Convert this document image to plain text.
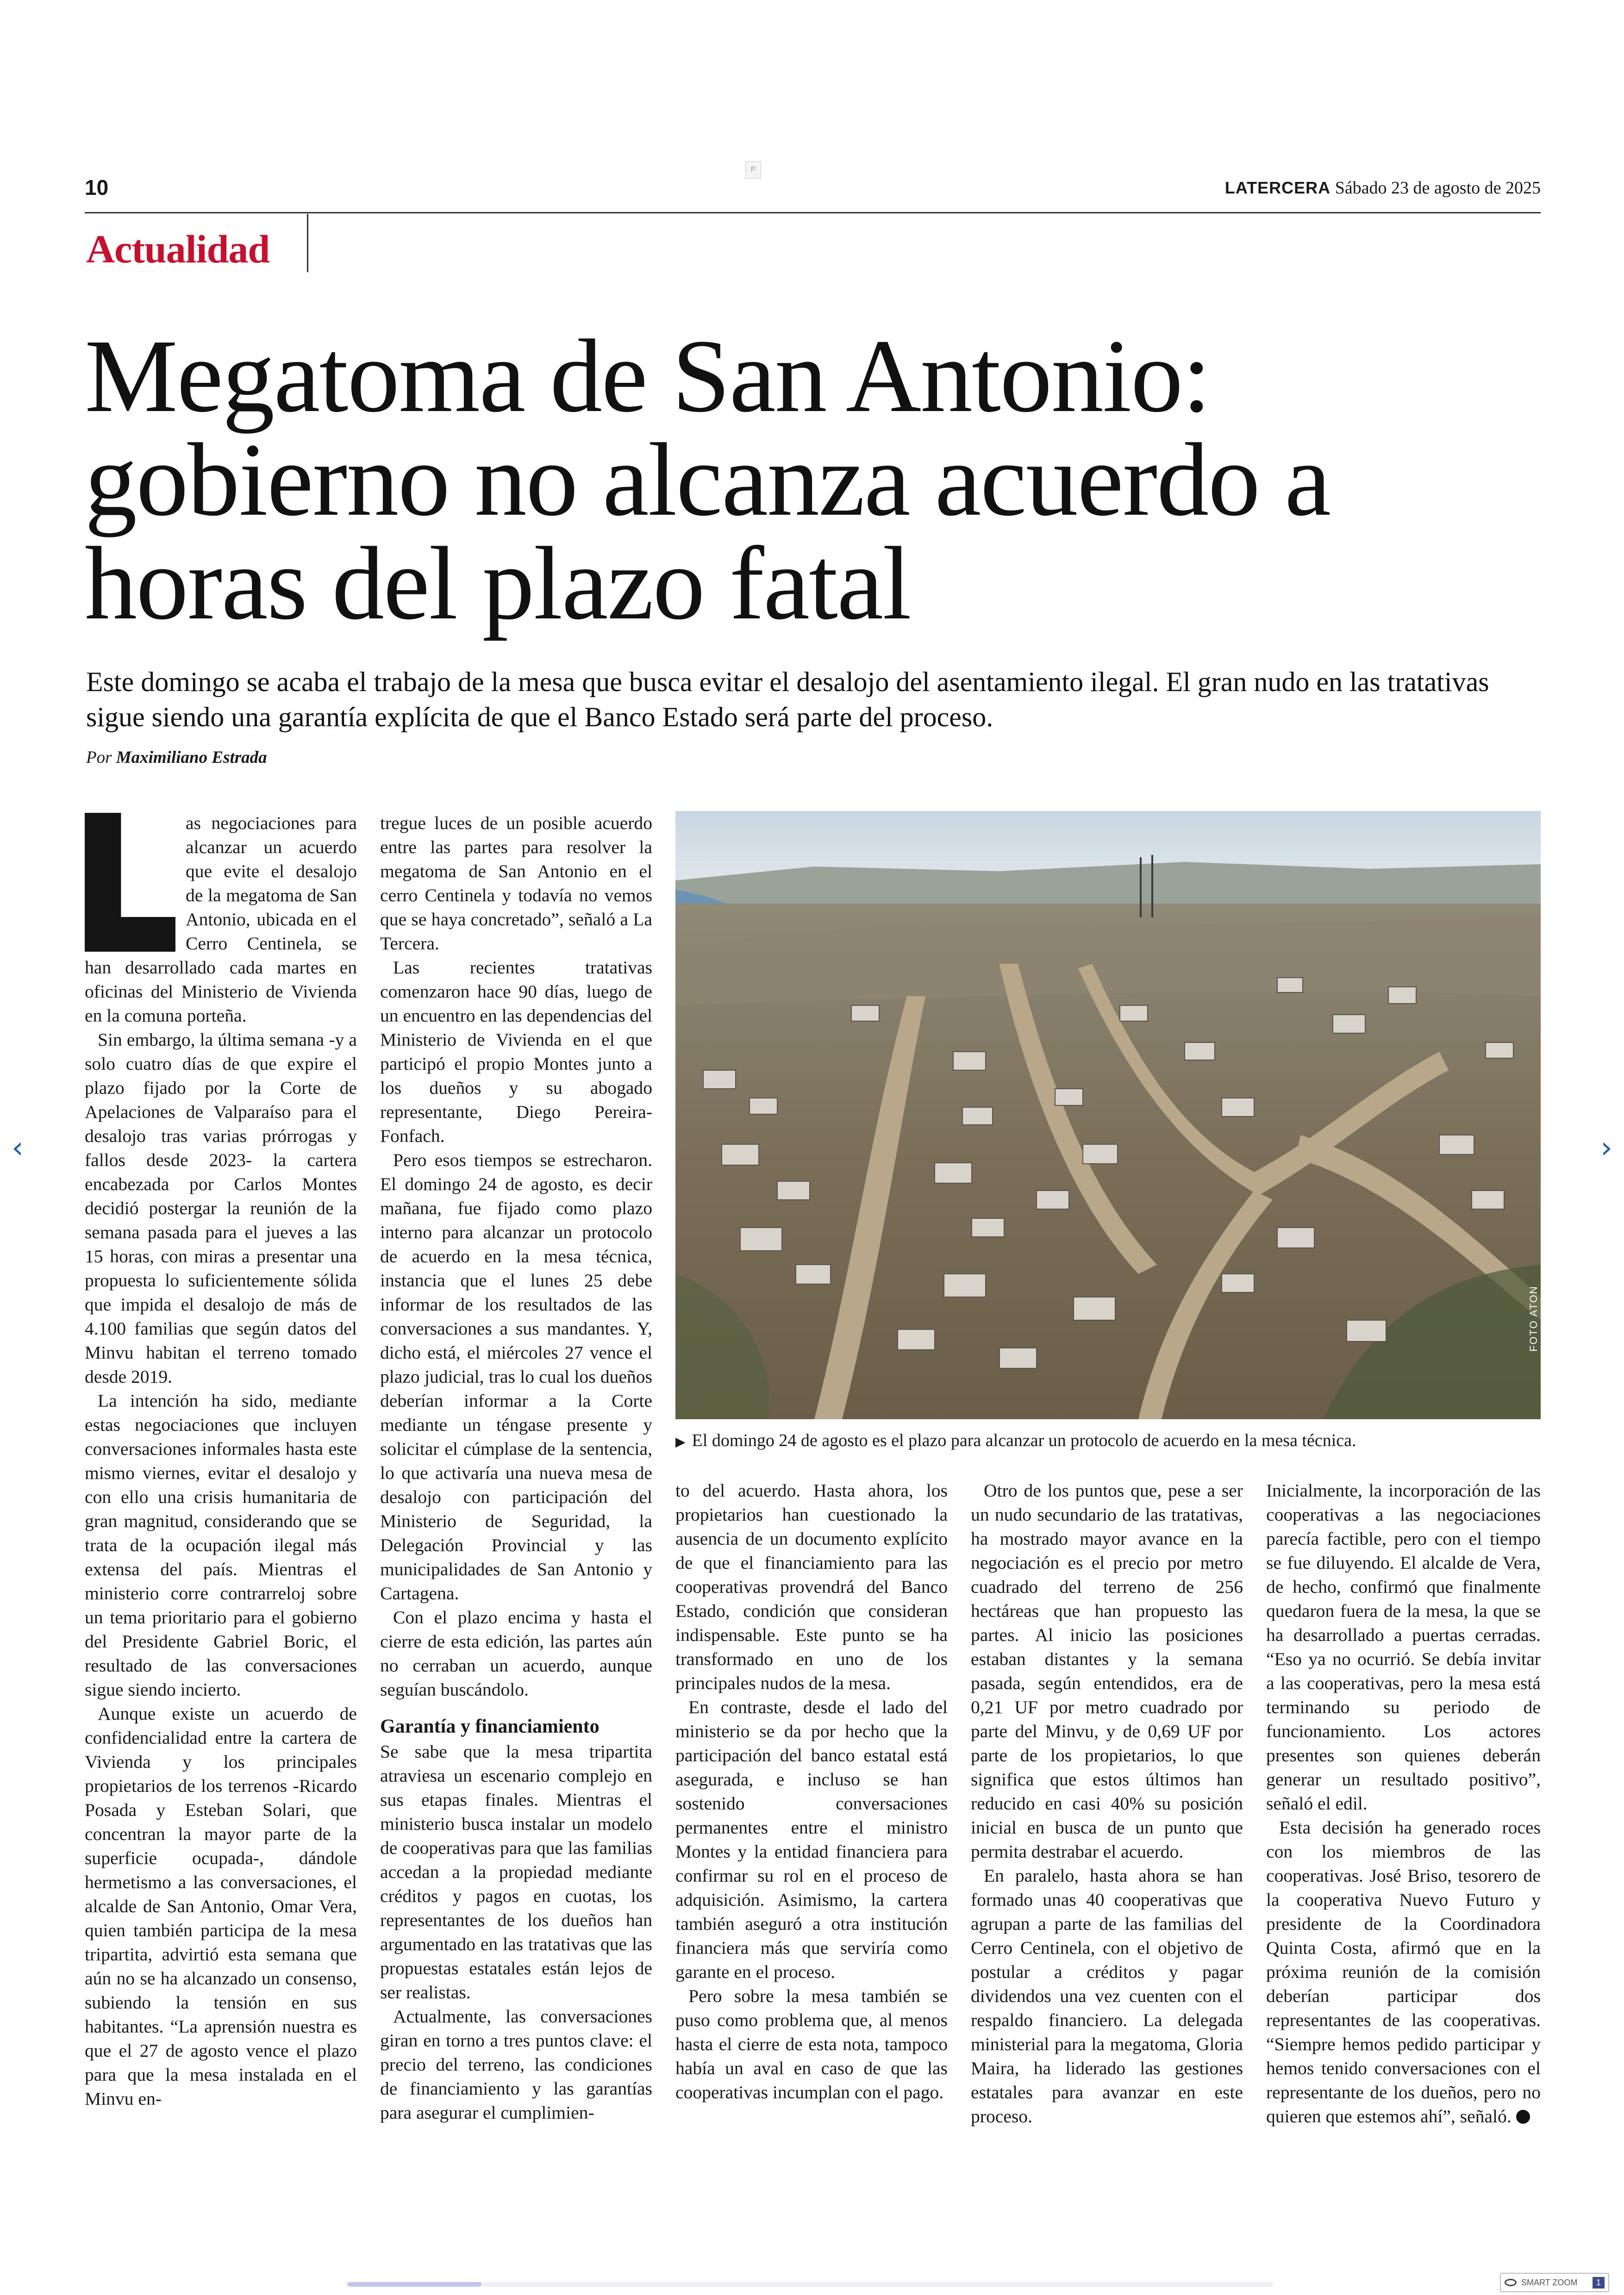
10
P
LATERCERA Sábado 23 de agosto de 2025
Actualidad
Megatoma de San Antonio: gobierno no alcanza acuerdo a horas del plazo fatal
Este domingo se acaba el trabajo de la mesa que busca evitar el desalojo del asentamiento ilegal. El gran nudo en las tratativas sigue siendo una garantía explícita de que el Banco Estado será parte del proceso.
Por Maximiliano Estrada

as negociaciones para alcanzar un acuerdo que evite el desalojo de la megatoma de San Antonio, ubicada en el Cerro Centinela, se han desarrollado cada martes en oficinas del Ministerio de Vivienda en la comuna porteña.

Sin embargo, la última semana -y a solo cuatro días de que expire el plazo fijado por la Corte de Apelaciones de Valparaíso para el desalojo tras varias prórrogas y fallos desde 2023- la cartera encabezada por Carlos Montes decidió postergar la reunión de la semana pasada para el jueves a las 15 horas, con miras a presentar una propuesta lo suficientemente sólida que impida el desalojo de más de 4.100 familias que según datos del Minvu habitan el terreno tomado desde 2019.

La intención ha sido, mediante estas negociaciones que incluyen conversaciones informales hasta este mismo viernes, evitar el desalojo y con ello una crisis humanitaria de gran magnitud, considerando que se trata de la ocupación ilegal más extensa del país. Mientras el ministerio corre contrarreloj sobre un tema prioritario para el gobierno del Presidente Gabriel Boric, el resultado de las conversaciones sigue siendo incierto.

Aunque existe un acuerdo de confidencialidad entre la cartera de Vivienda y los principales propietarios de los terrenos -Ricardo Posada y Esteban Solari, que concentran la mayor parte de la superficie ocupada-, dándole hermetismo a las conversaciones, el alcalde de San Antonio, Omar Vera, quien también participa de la mesa tripartita, advirtió esta semana que aún no se ha alcanzado un consenso, subiendo la tensión en sus habitantes. “La aprensión nuestra es que el 27 de agosto vence el plazo para que la mesa instalada en el Minvu en-

tregue luces de un posible acuerdo entre las partes para resolver la megatoma de San Antonio en el cerro Centinela y todavía no vemos que se haya concretado”, señaló a La Tercera.

Las recientes tratativas comenzaron hace 90 días, luego de un encuentro en las dependencias del Ministerio de Vivienda en el que participó el propio Montes junto a los dueños y su abogado representante, Diego Pereira-Fonfach.

Pero esos tiempos se estrecharon. El domingo 24 de agosto, es decir mañana, fue fijado como plazo interno para alcanzar un protocolo de acuerdo en la mesa técnica, instancia que el lunes 25 debe informar de los resultados de las conversaciones a sus mandantes. Y, dicho está, el miércoles 27 vence el plazo judicial, tras lo cual los dueños deberían informar a la Corte mediante un téngase presente y solicitar el cúmplase de la sentencia, lo que activaría una nueva mesa de desalojo con participación del Ministerio de Seguridad, la Delegación Provincial y las municipalidades de San Antonio y Cartagena.

Con el plazo encima y hasta el cierre de esta edición, las partes aún no cerraban un acuerdo, aunque seguían buscándolo.

Garantía y financiamiento

Se sabe que la mesa tripartita atraviesa un escenario complejo en sus etapas finales. Mientras el ministerio busca instalar un modelo de cooperativas para que las familias accedan a la propiedad mediante créditos y pagos en cuotas, los representantes de los dueños han argumentado en las tratativas que las propuestas estatales están lejos de ser realistas.

Actualmente, las conversaciones giran en torno a tres puntos clave: el precio del terreno, las condiciones de financiamiento y las garantías para asegurar el cumplimien-

FOTO ATON
▶ El domingo 24 de agosto es el plazo para alcanzar un protocolo de acuerdo en la mesa técnica.

to del acuerdo. Hasta ahora, los propietarios han cuestionado la ausencia de un documento explícito de que el financiamiento para las cooperativas provendrá del Banco Estado, condición que consideran indispensable. Este punto se ha transformado en uno de los principales nudos de la mesa.

En contraste, desde el lado del ministerio se da por hecho que la participación del banco estatal está asegurada, e incluso se han sostenido conversaciones permanentes entre el ministro Montes y la entidad financiera para confirmar su rol en el proceso de adquisición. Asimismo, la cartera también aseguró a otra institución financiera más que serviría como garante en el proceso.

Pero sobre la mesa también se puso como problema que, al menos hasta el cierre de esta nota, tampoco había un aval en caso de que las cooperativas incumplan con el pago.

Otro de los puntos que, pese a ser un nudo secundario de las tratativas, ha mostrado mayor avance en la negociación es el precio por metro cuadrado del terreno de 256 hectáreas que han propuesto las partes. Al inicio las posiciones estaban distantes y la semana pasada, según entendidos, era de 0,21 UF por metro cuadrado por parte del Minvu, y de 0,69 UF por parte de los propietarios, lo que significa que estos últimos han reducido en casi 40% su posición inicial en busca de un punto que permita destrabar el acuerdo.

En paralelo, hasta ahora se han formado unas 40 cooperativas que agrupan a parte de las familias del Cerro Centinela, con el objetivo de postular a créditos y pagar dividendos una vez cuenten con el respaldo financiero. La delegada ministerial para la megatoma, Gloria Maira, ha liderado las gestiones estatales para avanzar en este proceso.

Inicialmente, la incorporación de las cooperativas a las negociaciones parecía factible, pero con el tiempo se fue diluyendo. El alcalde de Vera, de hecho, confirmó que finalmente quedaron fuera de la mesa, la que se ha desarrollado a puertas cerradas. “Eso ya no ocurrió. Se debía invitar a las cooperativas, pero la mesa está terminando su periodo de funcionamiento. Los actores presentes son quienes deberán generar un resultado positivo”, señaló el edil.

Esta decisión ha generado roces con los miembros de las cooperativas. José Briso, tesorero de la cooperativa Nuevo Futuro y presidente de la Coordinadora Quinta Costa, afirmó que en la próxima reunión de la comisión deberían participar dos representantes de las cooperativas. “Siempre hemos pedido participar y hemos tenido conversaciones con el representante de los dueños, pero no quieren que estemos ahí”, señaló.

‹	›
SMART ZOOM	1
